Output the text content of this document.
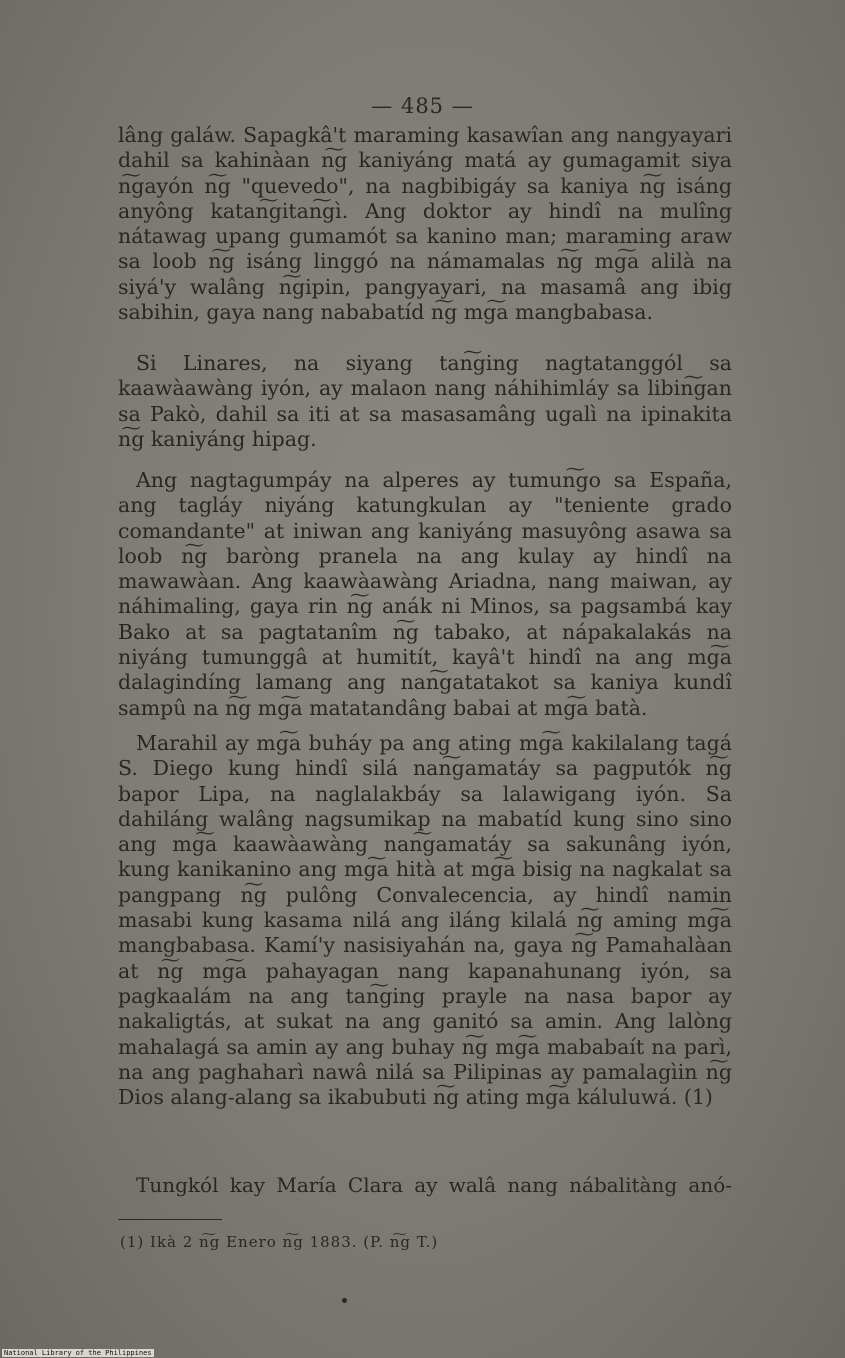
— 485 —

lâng galáw. Sapagkâ't maraming kasawîan ang nangyayari dahil sa kahinàan n͠g kaniyáng matá ay gumagamit siya n͠gayón n͠g "quevedo", na nagbibigáy sa kaniya n͠g isáng anyông katan͠gitan͠gì. Ang doktor ay hindî na mulîng nátawag upang gumamót sa kanino man; maraming araw sa loob n͠g isáng linggó na námamalas n͠g mg͠a alilà na siyá'y walâng n͠gipin, pangyayari, na masamâ ang ibig sabihin, gaya nang nababatíd n͠g mg͠a mangbabasa.

Si Linares, na siyang tan͠ging nagtatanggól sa kaawàawàng iyón, ay malaon nang náhihimláy sa libin͠gan sa Pakò, dahil sa iti at sa masasamâng ugalì na ipinakita n͠g kaniyáng hipag.

Ang nagtagumpáy na alperes ay tumun͠go sa España, ang tagláy niyáng katungkulan ay "teniente grado comandante" at iniwan ang kaniyáng masuyông asawa sa loob n͠g baròng pranela na ang kulay ay hindî na mawawàan. Ang kaawàawàng Ariadna, nang maiwan, ay náhimaling, gaya rin n͠g anák ni Minos, sa pagsambá kay Bako at sa pagtatanîm n͠g tabako, at nápakalakás na niyáng tumunggâ at humitít, kayâ't hindî na ang mg͠a dalagindíng lamang ang nan͠gatatakot sa kaniya kundî sampû na n͠g mg͠a matatandâng babai at mg͠a batà.

Marahil ay mg͠a buháy pa ang ating mg͠a kakilalang tagá S. Diego kung hindî silá nan͠gamatáy sa pagputók n͠g bapor Lipa, na naglalakbáy sa lalawigang iyón. Sa dahiláng walâng nagsumikap na mabatíd kung sino sino ang mg͠a kaawàawàng nan͠gamatáy sa sakunâng iyón, kung kanikanino ang mg͠a hità at mg͠a bisig na nagkalat sa pangpang n͠g pulông Convalecencia, ay hindî namin masabi kung kasama nilá ang iláng kilalá n͠g aming mg͠a mangbabasa. Kamí'y nasisiyahán na, gaya n͠g Pamahalàan at n͠g mg͠a pahayagan nang kapanahunang iyón, sa pagkaalám na ang tan͠ging prayle na nasa bapor ay nakaligtás, at sukat na ang ganitó sa amin. Ang lalòng mahalagá sa amin ay ang buhay n͠g mg͠a mababaít na parì, na ang paghaharì nawâ nilá sa Pilipinas ay pamalagìin n͠g Dios alang-alang sa ikabubuti n͠g ating mg͠a káluluwá. (1)

Tungkól kay María Clara ay walâ nang nábalitàng anó-

(1) Ikà 2 n͠g Enero n͠g 1883. (P. n͠g T.)
National Library of the Philippines
